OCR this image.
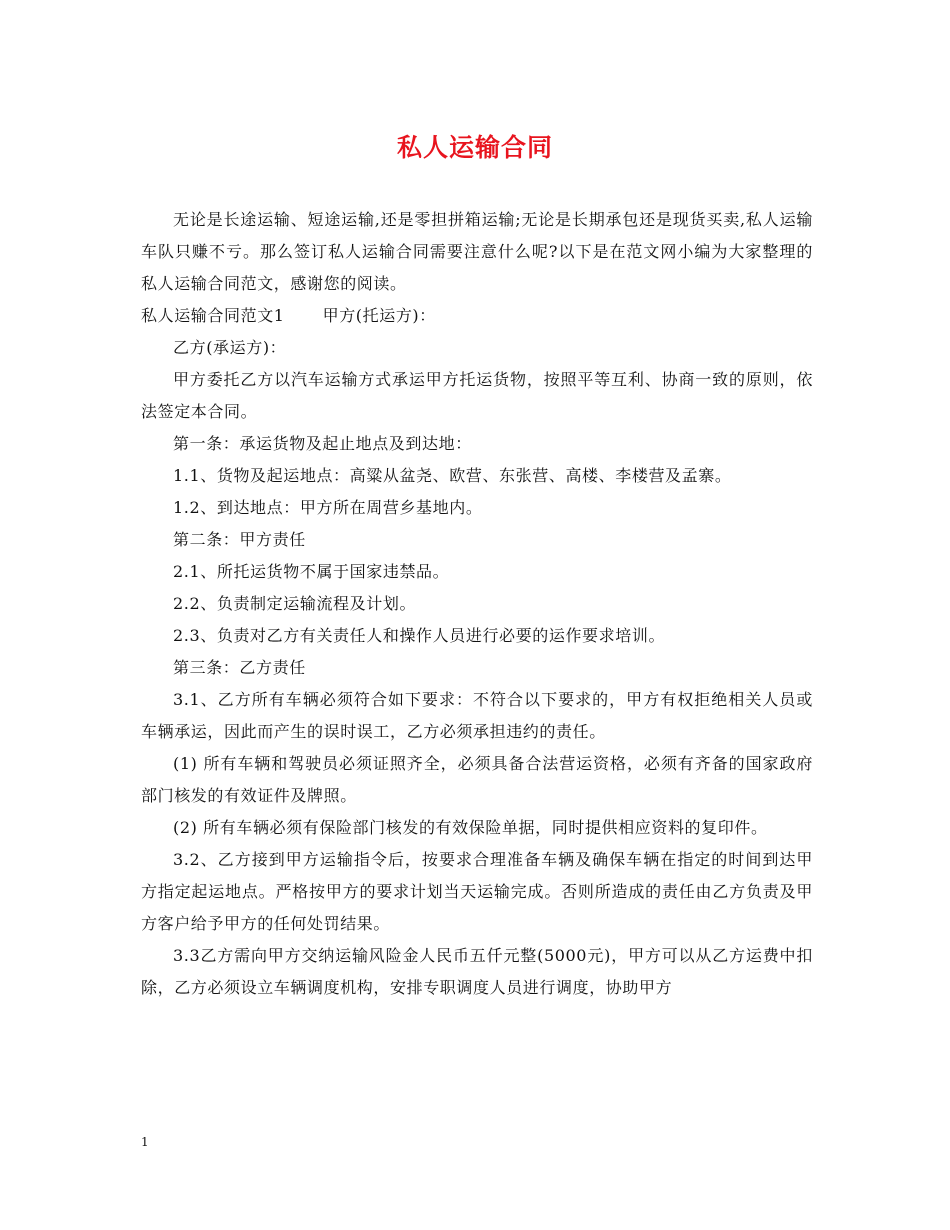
私人运输合同

无论是长途运输、短途运输,还是零担拼箱运输;无论是长期承包还是现货买卖,私人运输车队只赚不亏。那么签订私人运输合同需要注意什么呢?以下是在范文网小编为大家整理的私人运输合同范文，感谢您的阅读。

私人运输合同范文1 甲方(托运方)：

乙方(承运方)：

甲方委托乙方以汽车运输方式承运甲方托运货物，按照平等互利、协商一致的原则，依法签定本合同。

第一条：承运货物及起止地点及到达地：

1.1、货物及起运地点：高粱从盆尧、欧营、东张营、高楼、李楼营及孟寨。

1.2、到达地点：甲方所在周营乡基地内。

第二条：甲方责任

2.1、所托运货物不属于国家违禁品。

2.2、负责制定运输流程及计划。

2.3、负责对乙方有关责任人和操作人员进行必要的运作要求培训。

第三条：乙方责任

3.1、乙方所有车辆必须符合如下要求：不符合以下要求的，甲方有权拒绝相关人员或车辆承运，因此而产生的误时误工，乙方必须承担违约的责任。

(1) 所有车辆和驾驶员必须证照齐全，必须具备合法营运资格，必须有齐备的国家政府部门核发的有效证件及牌照。

(2) 所有车辆必须有保险部门核发的有效保险单据，同时提供相应资料的复印件。

3.2、乙方接到甲方运输指令后，按要求合理准备车辆及确保车辆在指定的时间到达甲方指定起运地点。严格按甲方的要求计划当天运输完成。否则所造成的责任由乙方负责及甲方客户给予甲方的任何处罚结果。

3.3乙方需向甲方交纳运输风险金人民币五仟元整(5000元)，甲方可以从乙方运费中扣除，乙方必须设立车辆调度机构，安排专职调度人员进行调度，协助甲方

1
